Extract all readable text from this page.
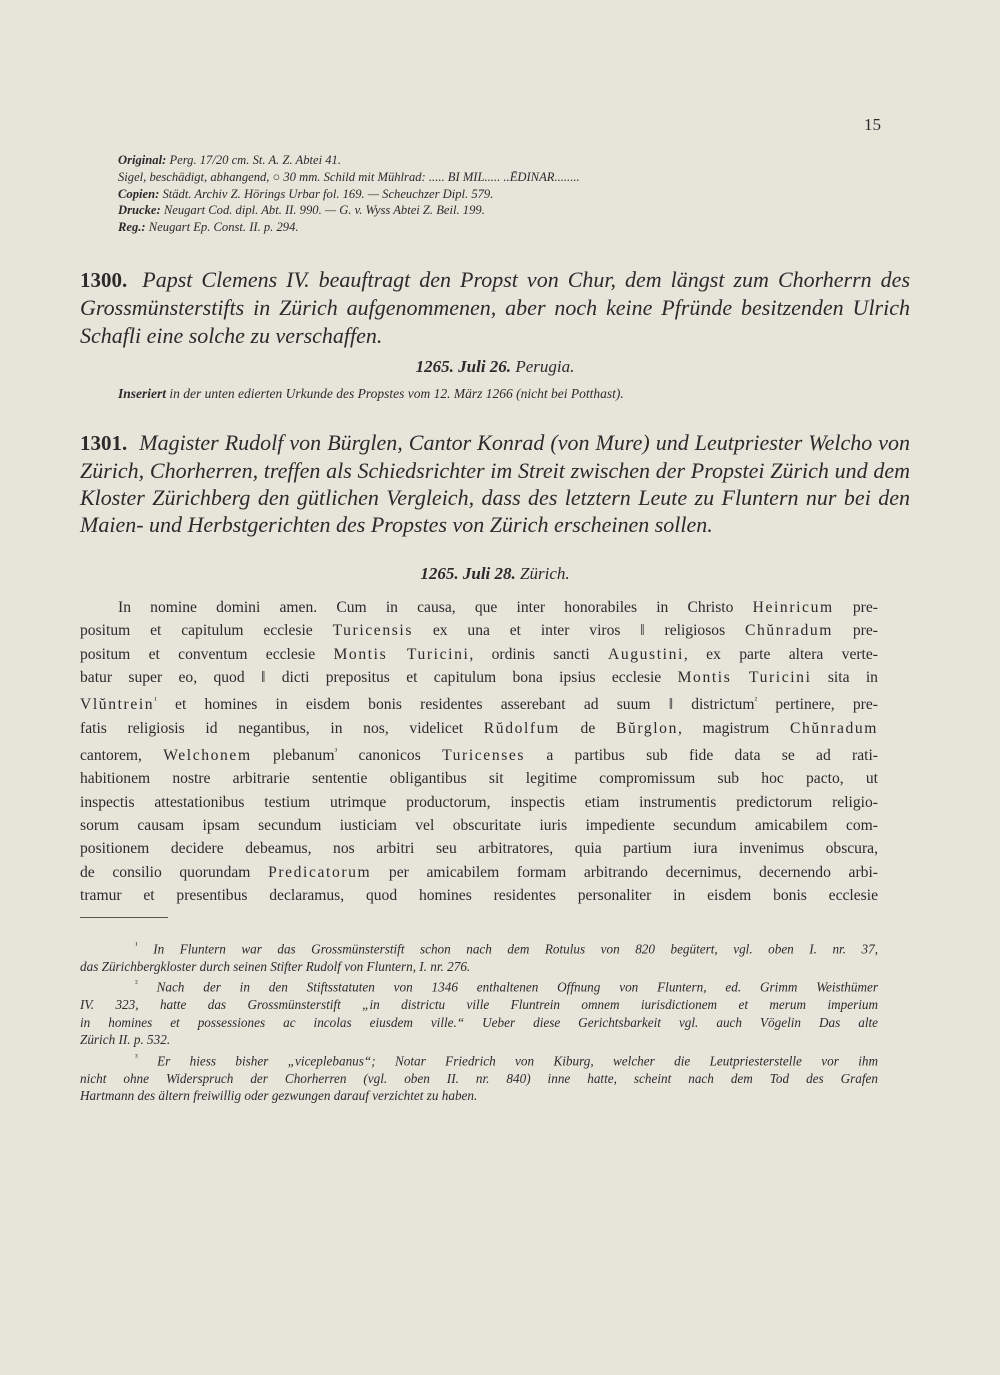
15
Original: Perg. 17/20 cm. St. A. Z. Abtei 41.
Sigel, beschädigt, abhangend, ○ 30 mm. Schild mit Mühlrad: ..... BI MIL..... ..ĒDINAR........
Copien: Städt. Archiv Z. Hörings Urbar fol. 169. — Scheuchzer Dipl. 579.
Drucke: Neugart Cod. dipl. Abt. II. 990. — G. v. Wyss Abtei Z. Beil. 199.
Reg.: Neugart Ep. Const. II. p. 294.
1300. Papst Clemens IV. beauftragt den Propst von Chur, dem längst zum Chorherrn des Grossmünsterstifts in Zürich aufgenommenen, aber noch keine Pfründe besitzenden Ulrich Schafli eine solche zu verschaffen.
1265. Juli 26. Perugia.
Inseriert in der unten edierten Urkunde des Propstes vom 12. März 1266 (nicht bei Potthast).
1301. Magister Rudolf von Bürglen, Cantor Konrad (von Mure) und Leutpriester Welcho von Zürich, Chorherren, treffen als Schiedsrichter im Streit zwischen der Propstei Zürich und dem Kloster Zürichberg den gütlichen Vergleich, dass des letztern Leute zu Fluntern nur bei den Maien- und Herbstgerichten des Propstes von Zürich erscheinen sollen.
1265. Juli 28. Zürich.
In nomine domini amen. Cum in causa, que inter honorabiles in Christo Heinricum pre-
positum et capitulum ecclesie Turicensis ex una et inter viros ‖ religiosos Chŭnradum pre-
positum et conventum ecclesie Montis Turicini, ordinis sancti Augustini, ex parte altera verte-
batur super eo, quod ‖ dicti prepositus et capitulum bona ipsius ecclesie Montis Turicini sita in
Vlŭntrein$^{^1}$ et homines in eisdem bonis residentes asserebant ad suum ‖ districtum$^{^2}$ pertinere, pre-
fatis religiosis id negantibus, in nos, videlicet Rŭdolfum de Bŭrglon, magistrum Chŭnradum
cantorem, Welchonem plebanum$^{^3}$ canonicos Turicenses a partibus sub fide data se ad rati-
habitionem nostre arbitrarie sententie obligantibus sit legitime compromissum sub hoc pacto, ut
inspectis attestationibus testium utrimque productorum, inspectis etiam instrumentis predictorum religio-
sorum causam ipsam secundum iusticiam vel obscuritate iuris impediente secundum amicabilem com-
positionem decidere debeamus, nos arbitri seu arbitratores, quia partium iura invenimus obscura,
de consilio quorundam Predicatorum per amicabilem formam arbitrando decernimus, decernendo arbi-
tramur et presentibus declaramus, quod homines residentes personaliter in eisdem bonis ecclesie
$^{^1}$ In Fluntern war das Grossmünsterstift schon nach dem Rotulus von 820 begütert, vgl. oben I. nr. 37,
das Zürichbergkloster durch seinen Stifter Rudolf von Fluntern, I. nr. 276.
$^{^2}$ Nach der in den Stiftsstatuten von 1346 enthaltenen Offnung von Fluntern, ed. Grimm Weisthümer
IV. 323, hatte das Grossmünsterstift „in districtu ville Fluntrein omnem iurisdictionem et merum imperium
in homines et possessiones ac incolas eiusdem ville.“ Ueber diese Gerichtsbarkeit vgl. auch Vögelin Das alte
Zürich II. p. 532.
$^{^3}$ Er hiess bisher „viceplebanus“; Notar Friedrich von Kiburg, welcher die Leutpriesterstelle vor ihm
nicht ohne Widerspruch der Chorherren (vgl. oben II. nr. 840) inne hatte, scheint nach dem Tod des Grafen
Hartmann des ältern freiwillig oder gezwungen darauf verzichtet zu haben.
